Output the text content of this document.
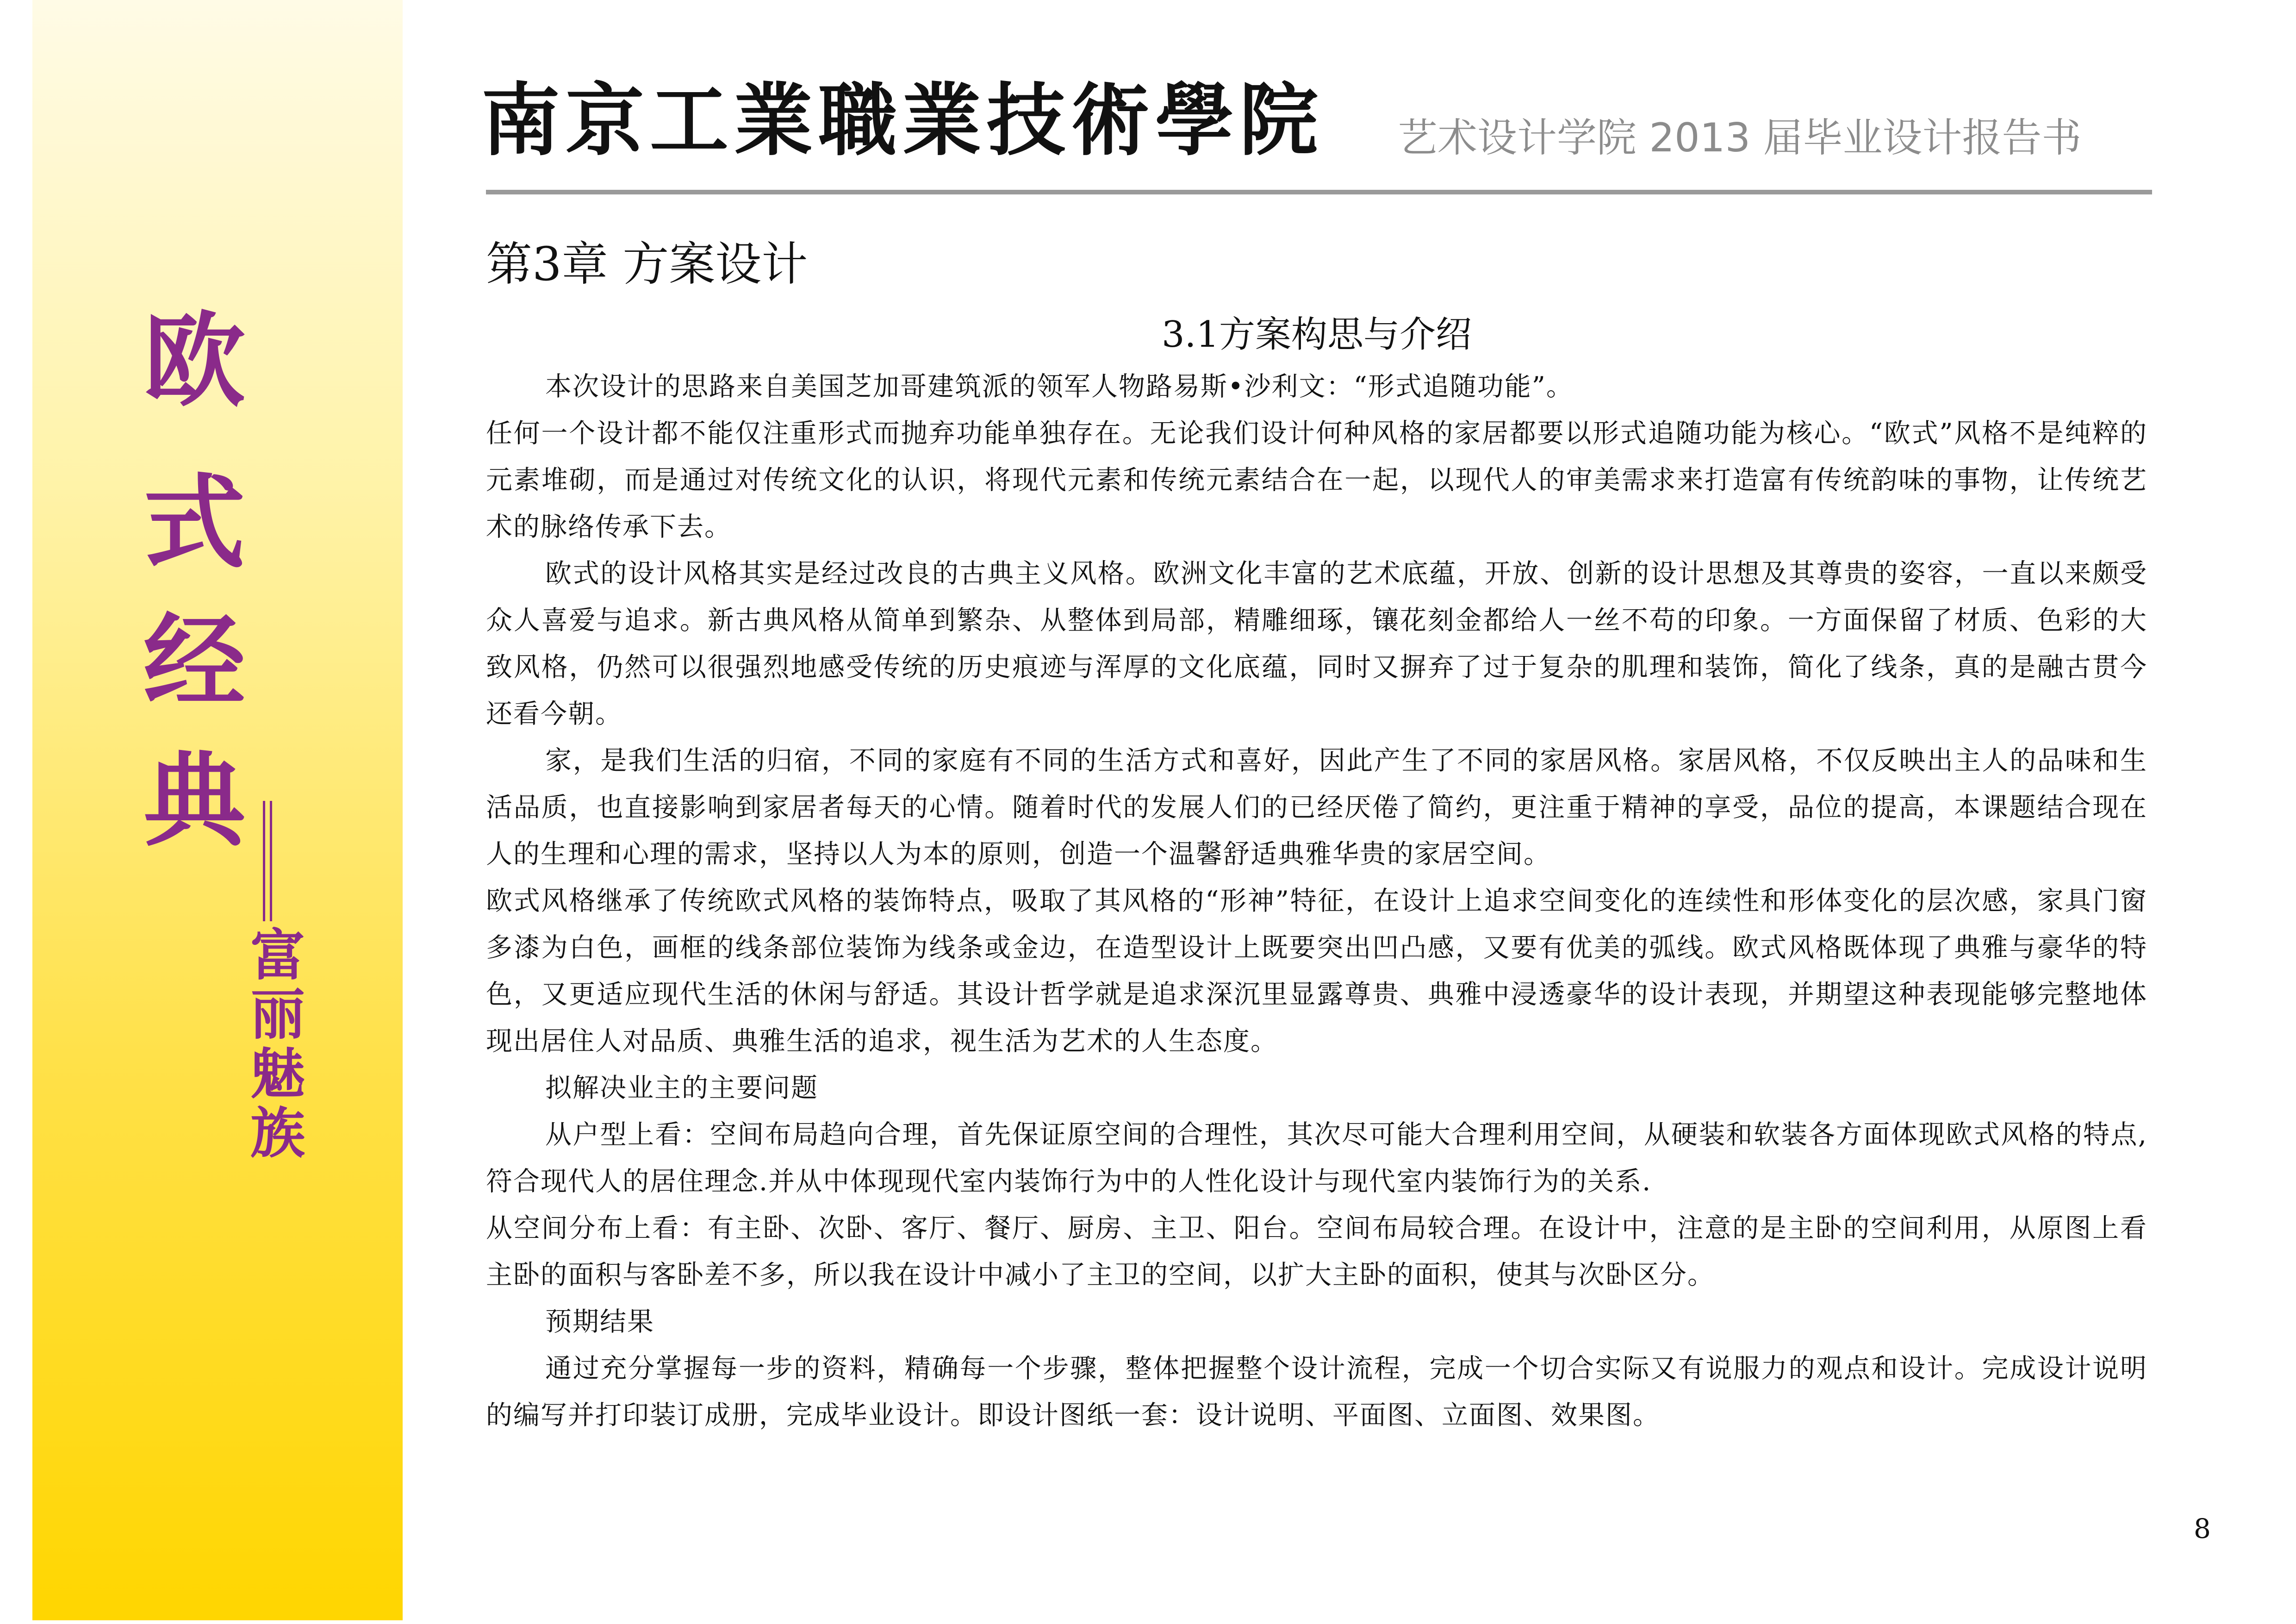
欧
式
经
典
富
丽
魅
族
南京工業職業技術學院 艺术设计学院 2013 届毕业设计报告书
第3章 方案设计
3.1方案构思与介绍

本次设计的思路来自美国芝加哥建筑派的领军人物路易斯•沙利文：“形式追随功能”。

任何一个设计都不能仅注重形式而抛弃功能单独存在。无论我们设计何种风格的家居都要以形式追随功能为核心。“欧式”风格不是纯粹的元素堆砌，而是通过对传统文化的认识，将现代元素和传统元素结合在一起，以现代人的审美需求来打造富有传统韵味的事物，让传统艺术的脉络传承下去。

欧式的设计风格其实是经过改良的古典主义风格。欧洲文化丰富的艺术底蕴，开放、创新的设计思想及其尊贵的姿容，一直以来颇受众人喜爱与追求。新古典风格从简单到繁杂、从整体到局部，精雕细琢，镶花刻金都给人一丝不苟的印象。一方面保留了材质、色彩的大致风格，仍然可以很强烈地感受传统的历史痕迹与浑厚的文化底蕴，同时又摒弃了过于复杂的肌理和装饰，简化了线条，真的是融古贯今还看今朝。

家，是我们生活的归宿，不同的家庭有不同的生活方式和喜好，因此产生了不同的家居风格。家居风格，不仅反映出主人的品味和生活品质，也直接影响到家居者每天的心情。随着时代的发展人们的已经厌倦了简约，更注重于精神的享受，品位的提高，本课题结合现在人的生理和心理的需求，坚持以人为本的原则，创造一个温馨舒适典雅华贵的家居空间。

欧式风格继承了传统欧式风格的装饰特点，吸取了其风格的“形神”特征，在设计上追求空间变化的连续性和形体变化的层次感，家具门窗多漆为白色，画框的线条部位装饰为线条或金边，在造型设计上既要突出凹凸感，又要有优美的弧线。欧式风格既体现了典雅与豪华的特色，又更适应现代生活的休闲与舒适。其设计哲学就是追求深沉里显露尊贵、典雅中浸透豪华的设计表现，并期望这种表现能够完整地体现出居住人对品质、典雅生活的追求，视生活为艺术的人生态度。

拟解决业主的主要问题

从户型上看：空间布局趋向合理，首先保证原空间的合理性，其次尽可能大合理利用空间，从硬装和软装各方面体现欧式风格的特点,符合现代人的居住理念.并从中体现现代室内装饰行为中的人性化设计与现代室内装饰行为的关系.

从空间分布上看：有主卧、次卧、客厅、餐厅、厨房、主卫、阳台。空间布局较合理。在设计中，注意的是主卧的空间利用，从原图上看主卧的面积与客卧差不多，所以我在设计中减小了主卫的空间，以扩大主卧的面积，使其与次卧区分。

预期结果

通过充分掌握每一步的资料，精确每一个步骤，整体把握整个设计流程，完成一个切合实际又有说服力的观点和设计。完成设计说明的编写并打印装订成册，完成毕业设计。即设计图纸一套：设计说明、平面图、立面图、效果图。

8
